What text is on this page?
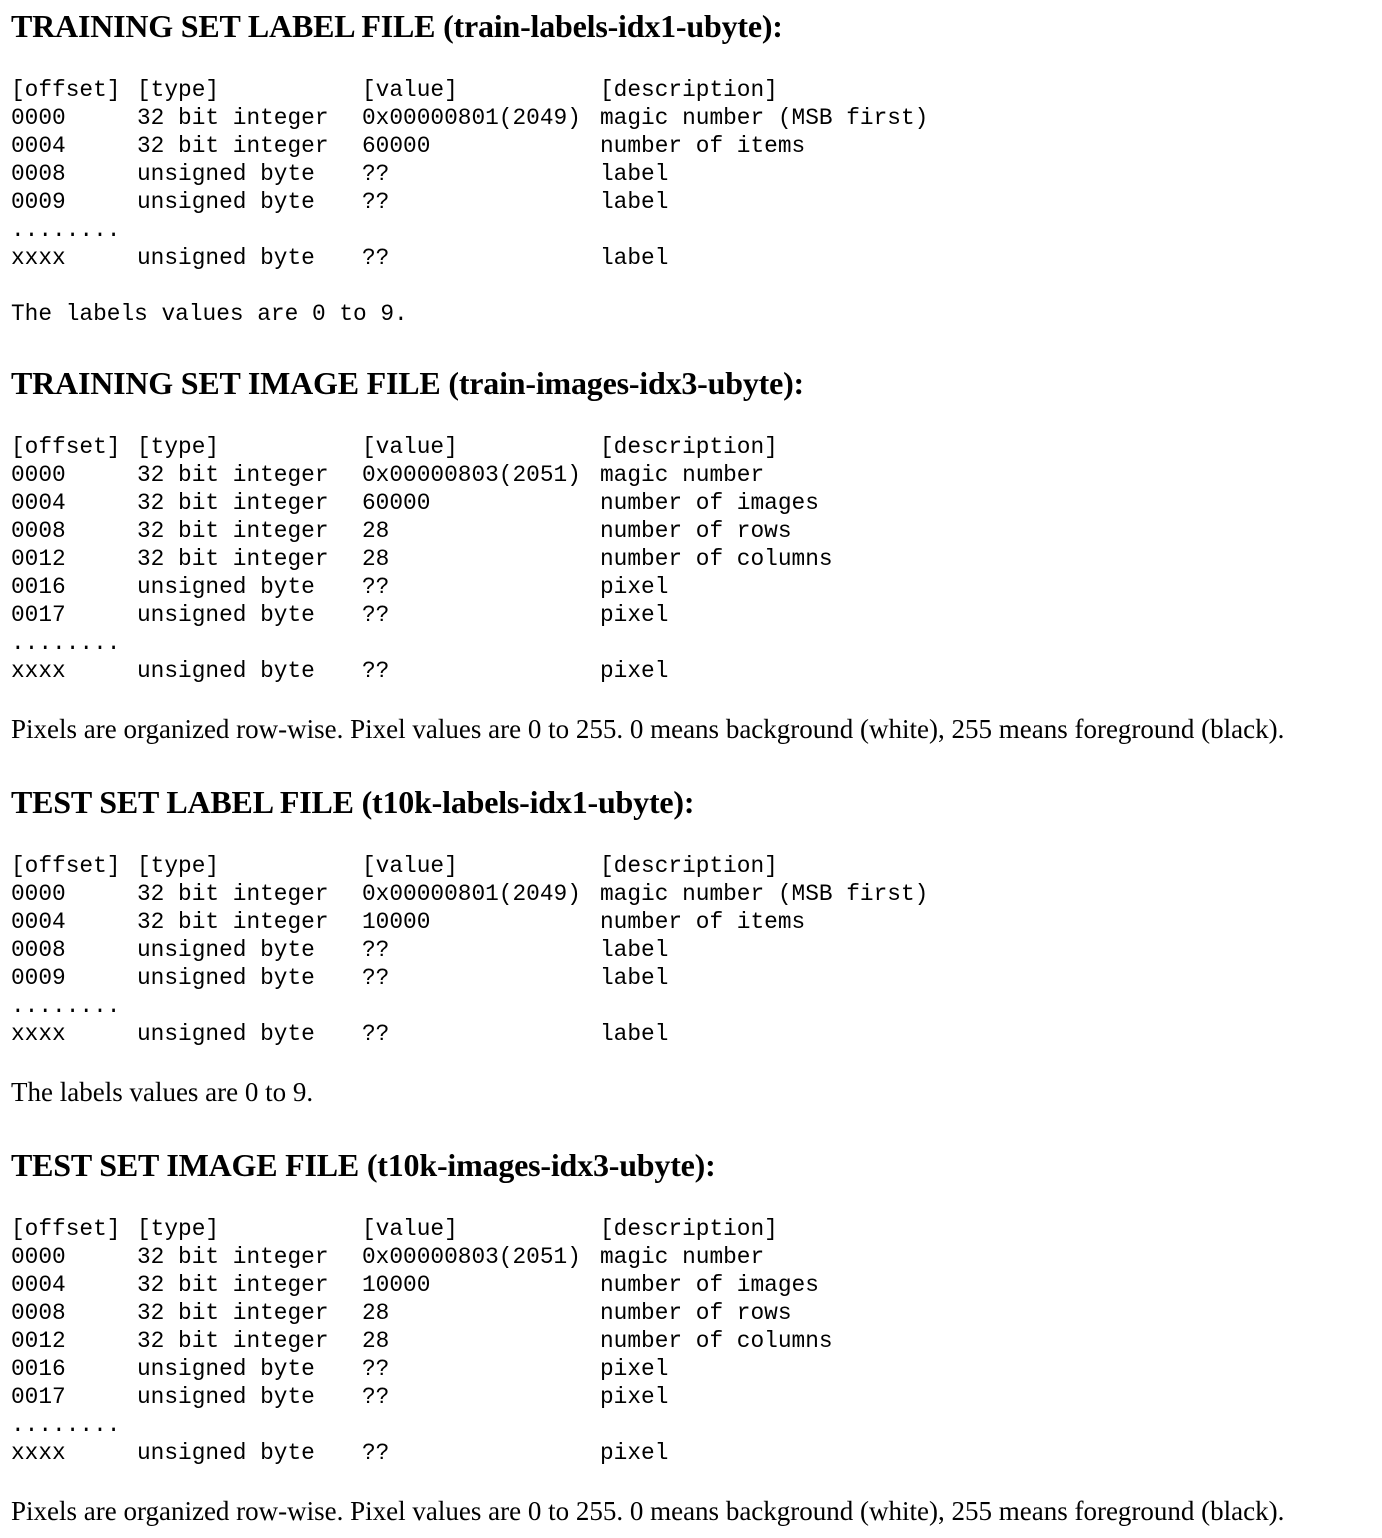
TRAINING SET LABEL FILE (train-labels-idx1-ubyte):
[offset] [type]	[value]	[description]
0000	32 bit integer	0x00000801(2049) magic number (MSB first)
0004	32 bit integer	60000	number of items
0008	unsigned byte	??	label
0009	unsigned byte	??	label
........
xxxx	unsigned byte	??	label
The labels values are 0 to 9.
TRAINING SET IMAGE FILE (train-images-idx3-ubyte):
[offset] [type]	[value]	[description]
0000	32 bit integer	0x00000803(2051) magic number
0004	32 bit integer	60000	number of images
0008	32 bit integer	28	number of rows
0012	32 bit integer	28	number of columns
0016	unsigned byte	??	pixel
0017	unsigned byte	??	pixel
........
xxxx	unsigned byte	??	pixel
Pixels are organized row-wise. Pixel values are 0 to 255. 0 means background (white), 255 means foreground (black).
TEST SET LABEL FILE (t10k-labels-idx1-ubyte):
[offset] [type]	[value]	[description]
0000	32 bit integer	0x00000801(2049) magic number (MSB first)
0004	32 bit integer	10000	number of items
0008	unsigned byte	??	label
0009	unsigned byte	??	label
........
xxxx	unsigned byte	??	label
The labels values are 0 to 9.
TEST SET IMAGE FILE (t10k-images-idx3-ubyte):
[offset] [type]	[value]	[description]
0000	32 bit integer	0x00000803(2051) magic number
0004	32 bit integer	10000	number of images
0008	32 bit integer	28	number of rows
0012	32 bit integer	28	number of columns
0016	unsigned byte	??	pixel
0017	unsigned byte	??	pixel
........
xxxx	unsigned byte	??	pixel
Pixels are organized row-wise. Pixel values are 0 to 255. 0 means background (white), 255 means foreground (black).
